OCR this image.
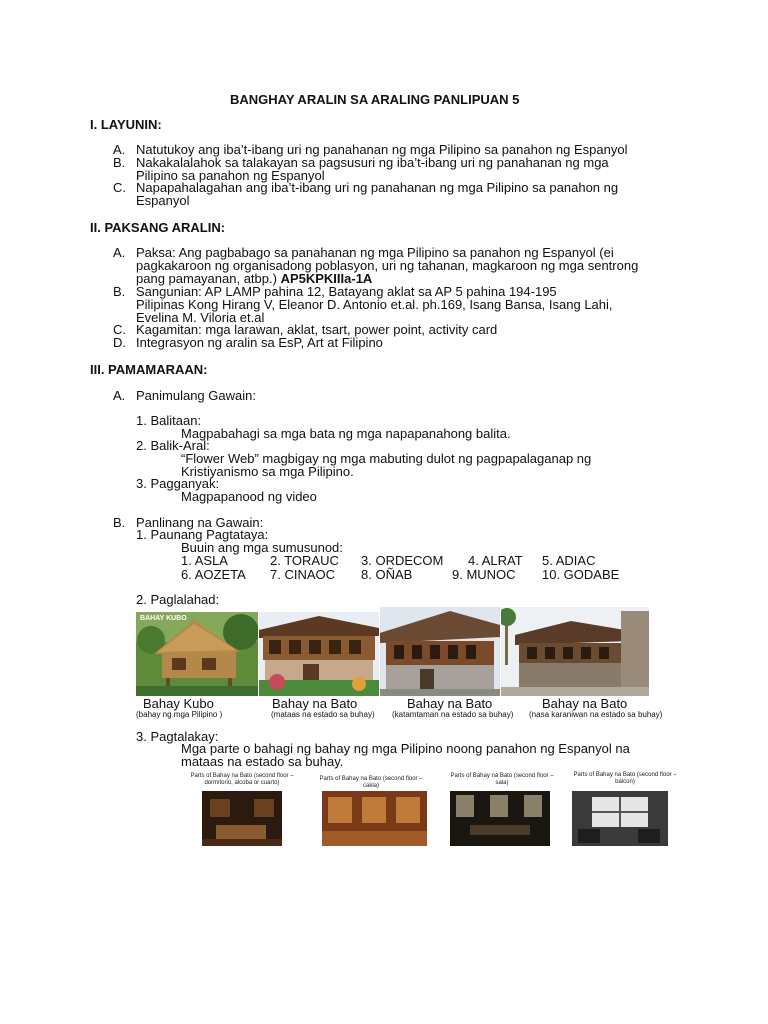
BANGHAY ARALIN SA ARALING PANLIPUAN 5
I. LAYUNIN:
A. Natutukoy ang iba’t-ibang uri ng panahanan ng mga Pilipino sa panahon ng Espanyol
B. Nakakalalahok sa talakayan sa pagsusuri ng iba’t-ibang uri ng panahanan ng mga
Pilipino sa panahon ng Espanyol
C. Napapahalagahan ang iba’t-ibang uri ng panahanan ng mga Pilipino sa panahon ng
Espanyol
II. PAKSANG ARALIN:
A. Paksa: Ang pagbabago sa panahanan ng mga Pilipino sa panahon ng Espanyol (ei
pagkakaroon ng organisadong poblasyon, uri ng tahanan, magkaroon ng mga sentrong
pang pamayanan, atbp.) AP5KPKIIIa-1A
B. Sangunian: AP LAMP pahina 12, Batayang aklat sa AP 5 pahina 194-195
Pilipinas Kong Hirang V, Eleanor D. Antonio et.al. ph.169, Isang Bansa, Isang Lahi,
Evelina M. Viloria et.al
C. Kagamitan: mga larawan, aklat, tsart, power point, activity card
D. Integrasyon ng aralin sa EsP, Art at Filipino
III. PAMAMARAAN:
A. Panimulang Gawain:
1. Balitaan:
Magpabahagi sa mga bata ng mga napapanahong balita.
2. Balik-Aral:
“Flower Web” magbigay ng mga mabuting dulot ng pagpapalaganap ng
Kristiyanismo sa mga Pilipino.
3. Pagganyak:
Magpapanood ng video
B. Panlinang na Gawain:
1. Paunang Pagtataya:
Buuin ang mga sumusunod:
1. ASLA	2. TORAUC 3. ORDECOM 4. ALRAT 5. ADIAC
6. AOZETA 7. CINAOC 8. OÑAB	9. MUNOC 10. GODABE
2. Paglalahad:
BAHAY KUBO
Bahay Kubo	Bahay na Bato	Bahay na Bato	Bahay na Bato
(bahay ng mga Pilipino )	(mataas na estado sa buhay) (katamtaman na estado sa buhay) (nasa karaniwan na estado sa buhay)
3. Pagtalakay:
Mga parte o bahagi ng bahay ng mga Pilipino noong panahon ng Espanyol na
mataas na estado sa buhay.
Parts of Bahay na Bato (second floor –
dormitorio, alcoba or cuarto)
Parts of Bahay na Bato (second floor –
cakla)
Parts of Bahay na Bato (second floor –
sala)
Parts of Bahay na Bato (second floor –
balcon)
